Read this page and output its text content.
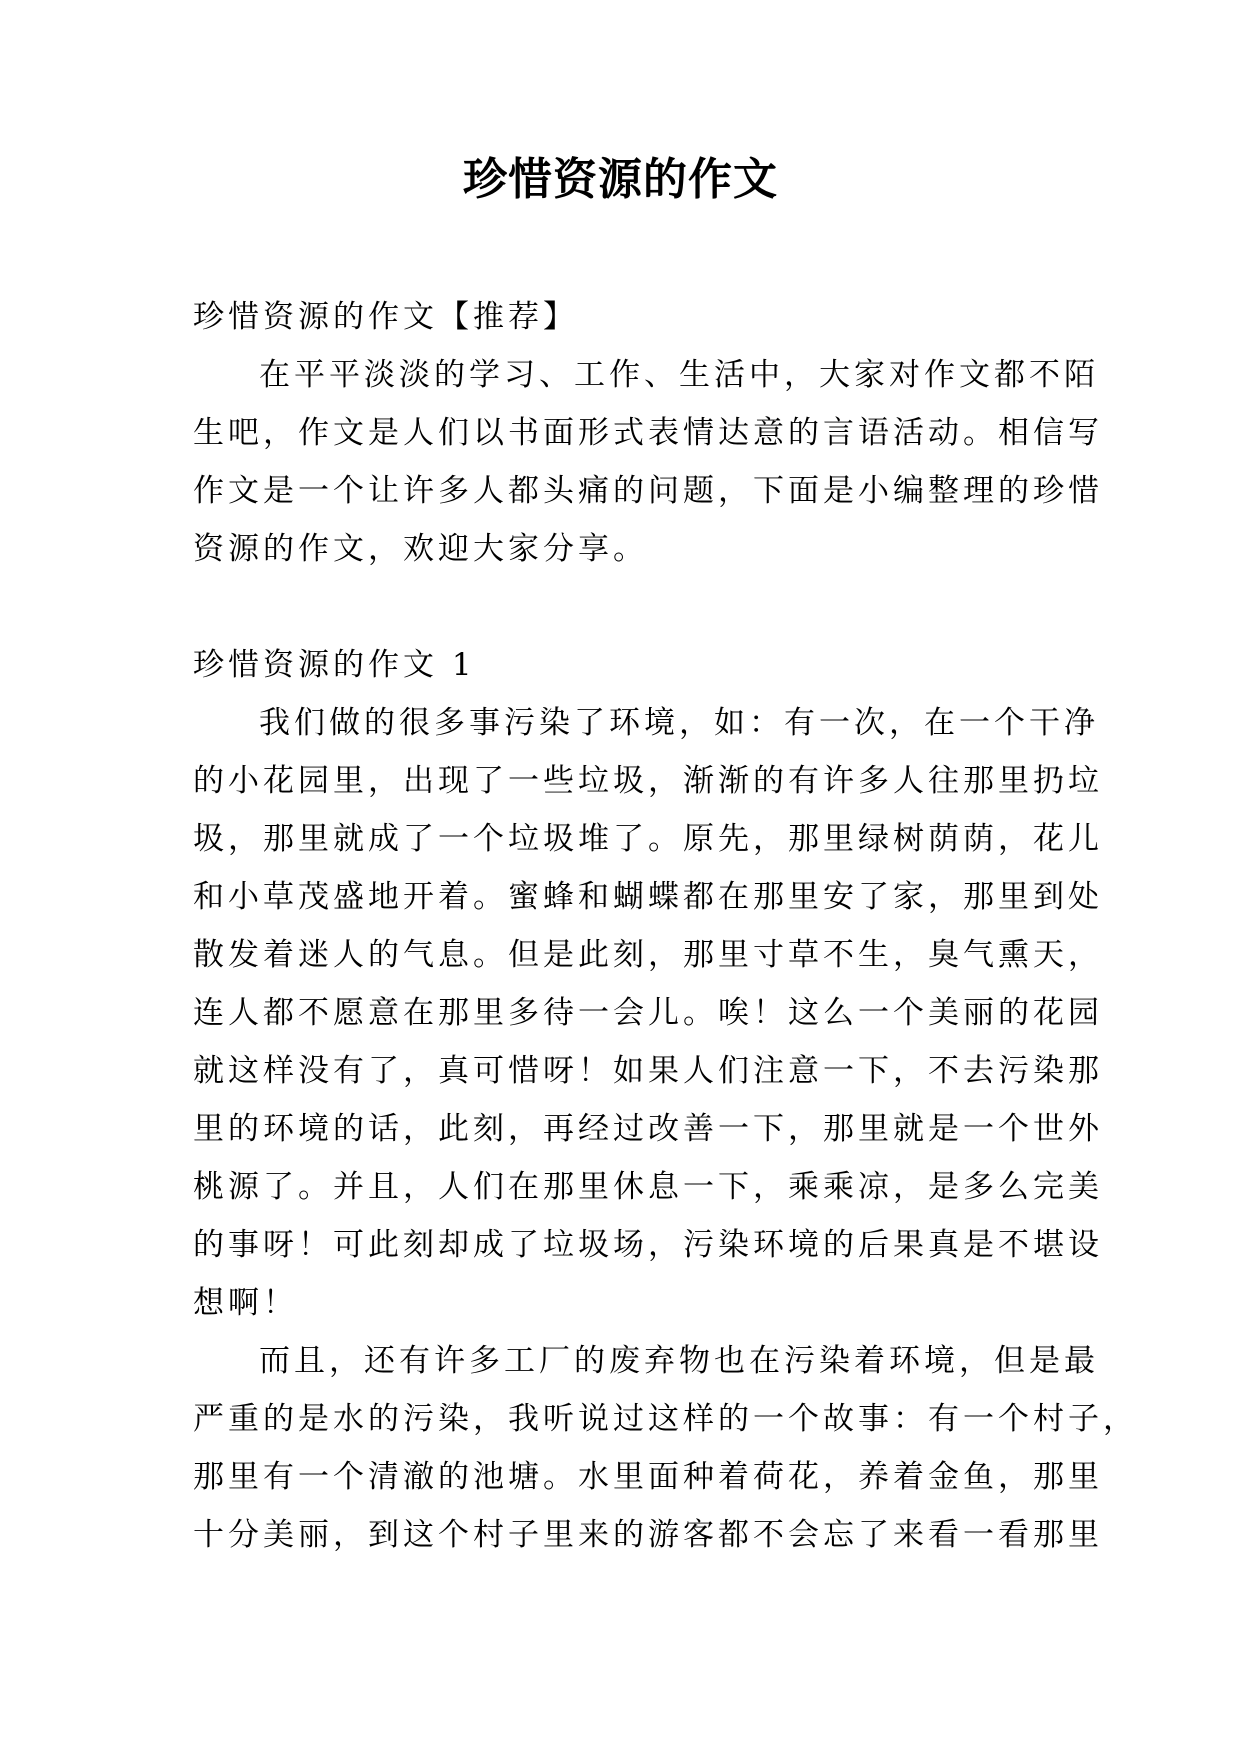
珍惜资源的作文
珍惜资源的作文【推荐】
在平平淡淡的学习、工作、生活中，大家对作文都不陌
生吧，作文是人们以书面形式表情达意的言语活动。相信写
作文是一个让许多人都头痛的问题，下面是小编整理的珍惜
资源的作文，欢迎大家分享。
珍惜资源的作文 1
我们做的很多事污染了环境，如：有一次，在一个干净
的小花园里，出现了一些垃圾，渐渐的有许多人往那里扔垃
圾，那里就成了一个垃圾堆了。原先，那里绿树荫荫，花儿
和小草茂盛地开着。蜜蜂和蝴蝶都在那里安了家，那里到处
散发着迷人的气息。但是此刻，那里寸草不生，臭气熏天，
连人都不愿意在那里多待一会儿。唉！这么一个美丽的花园
就这样没有了，真可惜呀！如果人们注意一下，不去污染那
里的环境的话，此刻，再经过改善一下，那里就是一个世外
桃源了。并且，人们在那里休息一下，乘乘凉，是多么完美
的事呀！可此刻却成了垃圾场，污染环境的后果真是不堪设
想啊！
而且，还有许多工厂的废弃物也在污染着环境，但是最
严重的是水的污染，我听说过这样的一个故事：有一个村子，
那里有一个清澈的池塘。水里面种着荷花，养着金鱼，那里
十分美丽，到这个村子里来的游客都不会忘了来看一看那里
